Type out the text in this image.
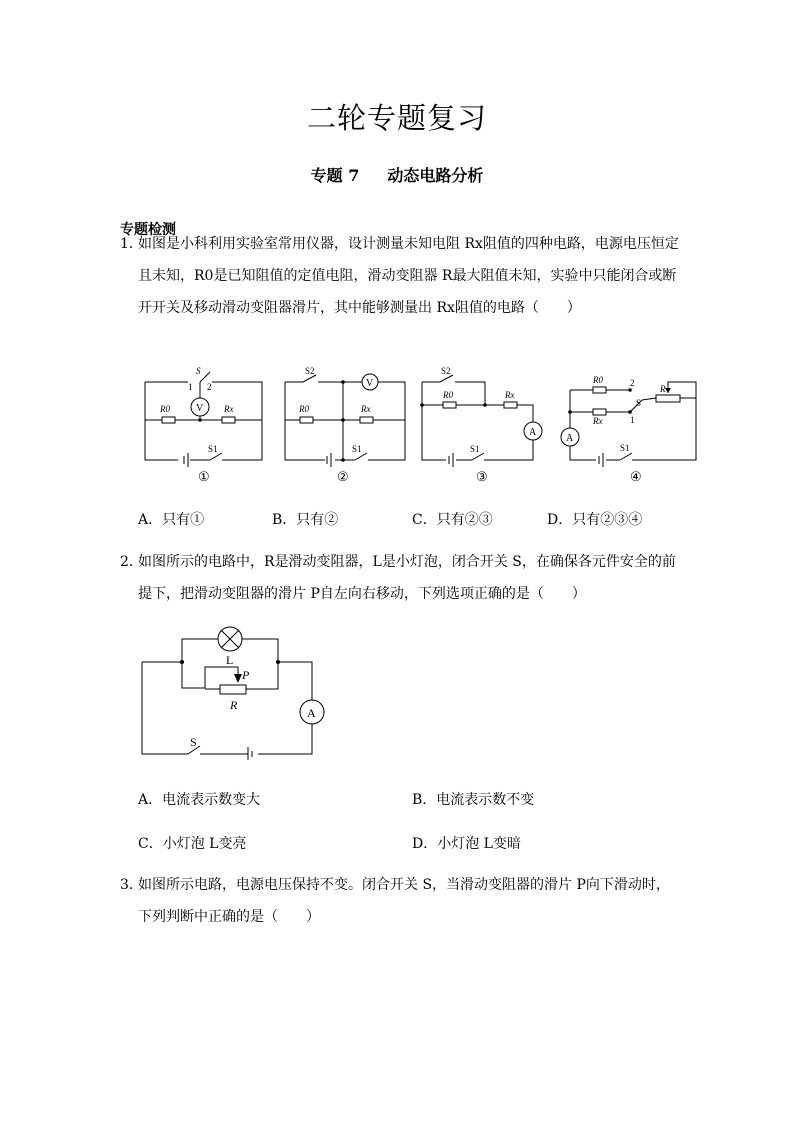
二轮专题复习
专题 7 动态电路分析
专题检测
1．
如图是小科利用实验室常用仪器，设计测量未知电阻 Rx阻值的四种电路，电源电压恒定
且未知，R0是已知阻值的定值电阻，滑动变阻器 R最大阻值未知，实验中只能闭合或断
开开关及移动滑动变阻器滑片，其中能够测量出 Rx阻值的电路（　　）
S
1 2
V
R0	Rx
S1
S2
V
R0	Rx
S1
S2
R0	Rx
A
S1
R0
Rx
2
1
S
R
A
S1
①	②	③	④
A．只有①	B．只有②	C．只有②③	D．只有②③④
2．
如图所示的电路中，R是滑动变阻器，L是小灯泡，闭合开关 S，在确保各元件安全的前
提下，把滑动变阻器的滑片 P自左向右移动，下列选项正确的是（　　）
L
P
R
A
S
A．电流表示数变大	B．电流表示数不变
C．小灯泡 L变亮	D．小灯泡 L变暗
3．
如图所示电路，电源电压保持不变。闭合开关 S，当滑动变阻器的滑片 P向下滑动时，
下列判断中正确的是（　　）
